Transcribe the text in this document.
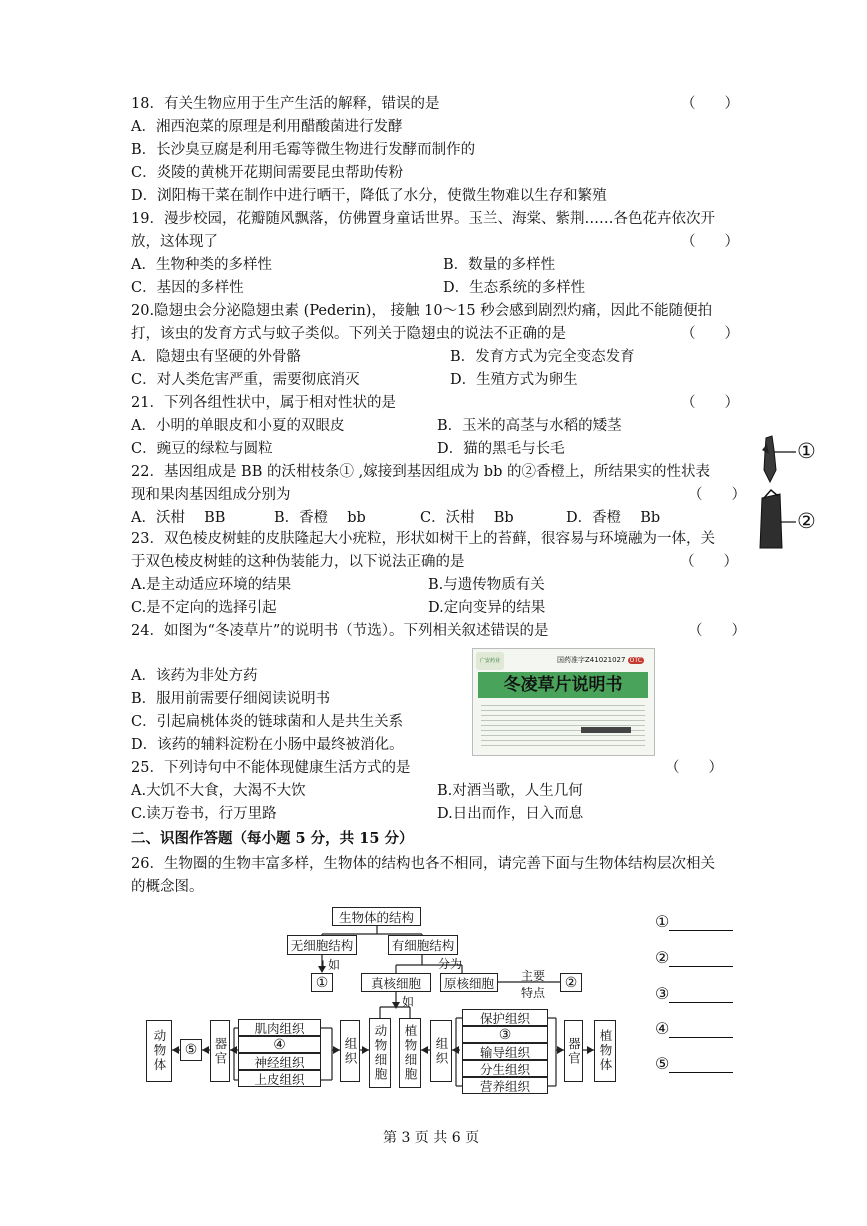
18．有关生物应用于生产生活的解释，错误的是	（　　）
A．湘西泡菜的原理是利用醋酸菌进行发酵
B．长沙臭豆腐是利用毛霉等微生物进行发酵而制作的
C．炎陵的黄桃开花期间需要昆虫帮助传粉
D．浏阳梅干菜在制作中进行晒干，降低了水分，使微生物难以生存和繁殖
19．漫步校园，花瓣随风飘落，仿佛置身童话世界。玉兰、海棠、紫荆……各色花卉依次开
放，这体现了	（　　）
A．生物种类的多样性	B．数量的多样性
C．基因的多样性	D．生态系统的多样性
20.隐翅虫会分泌隐翅虫素 (Pederin)， 接触 10～15 秒会感到剧烈灼痛，因此不能随便拍
打，该虫的发育方式与蚊子类似。下列关于隐翅虫的说法不正确的是	（　　）
A．隐翅虫有坚硬的外骨骼	B．发育方式为完全变态发育
C．对人类危害严重，需要彻底消灭	D．生殖方式为卵生
21．下列各组性状中，属于相对性状的是	（　　）
A．小明的单眼皮和小夏的双眼皮	B．玉米的高茎与水稻的矮茎
C．豌豆的绿粒与圆粒	D．猫的黑毛与长毛
22．基因组成是 BB 的沃柑枝条① ,嫁接到基因组成为 bb 的②香橙上，所结果实的性状表
现和果肉基因组成分别为	（　　）
A．沃柑　 BB	B．香橙　 bb	C．沃柑　 Bb	D．香橙　 Bb
①
②
23．双色棱皮树蛙的皮肤隆起大小疣粒，形状如树干上的苔藓，很容易与环境融为一体，关
于双色棱皮树蛙的这种伪装能力，以下说法正确的是	（　　）
A.是主动适应环境的结果	B.与遗传物质有关
C.是不定向的选择引起	D.定向变异的结果
24．如图为“冬凌草片”的说明书（节选）。下列相关叙述错误的是	（　　）
A．该药为非处方药
B．服用前需要仔细阅读说明书
C．引起扁桃体炎的链球菌和人是共生关系
D．该药的辅料淀粉在小肠中最终被消化。
广安药业	国药准字Z41021027 OTC
冬凌草片说明书
25．下列诗句中不能体现健康生活方式的是	（　　）
A.大饥不大食，大渴不大饮	B.对酒当歌，人生几何
C.读万卷书，行万里路	D.日出而作，日入而息
二、识图作答题（每小题 5 分，共 15 分）
26．生物圈的生物丰富多样，生物体的结构也各不相同，请完善下面与生物体结构层次相关
的概念图。
生物体的结构
无细胞结构	有细胞结构
↓如	分为
①	真核细胞	原核细胞	主要
特点
②
如
动物体	⑤	器官
肌肉组织
④
神经组织
上皮组织
组织	动物细胞	植物细胞	组织
保护组织
③
输导组织
分生组织
营养组织
器官	植物体
①
②
③
④
⑤
第 3 页 共 6 页
